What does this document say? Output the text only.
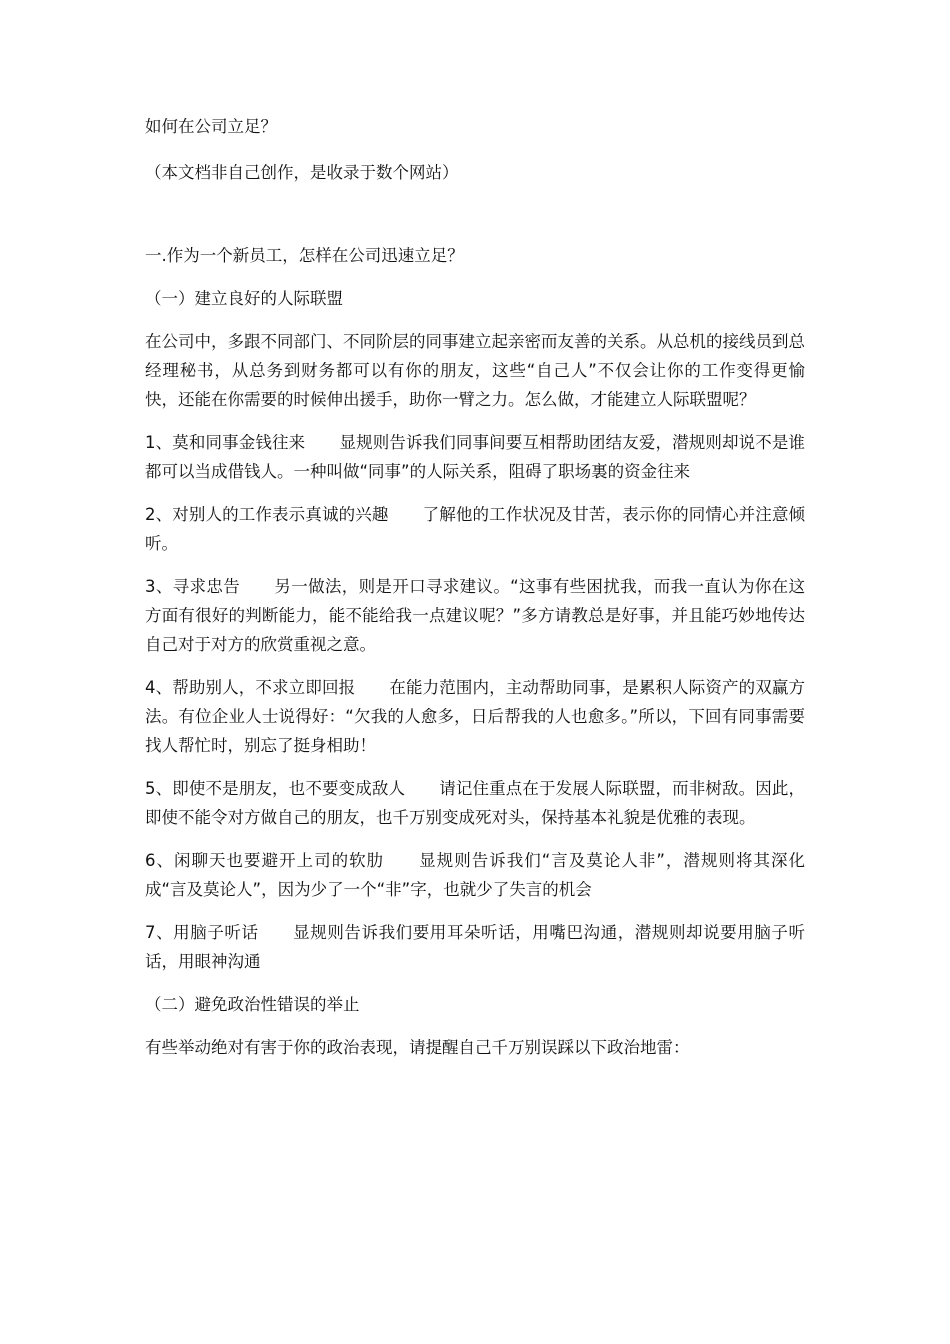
如何在公司立足？

（本文档非自己创作，是收录于数个网站）

一.作为一个新员工，怎样在公司迅速立足？

（一）建立良好的人际联盟

在公司中，多跟不同部门、不同阶层的同事建立起亲密而友善的关系。从总机的接线员到总经理秘书，从总务到财务都可以有你的朋友，这些“自己人”不仅会让你的工作变得更愉快，还能在你需要的时候伸出援手，助你一臂之力。怎么做，才能建立人际联盟呢？

1、莫和同事金钱往来 显规则告诉我们同事间要互相帮助团结友爱，潜规则却说不是谁都可以当成借钱人。一种叫做“同事”的人际关系，阻碍了职场裏的资金往来

2、对别人的工作表示真诚的兴趣 了解他的工作状况及甘苦，表示你的同情心并注意倾听。

3、寻求忠告 另一做法，则是开口寻求建议。“这事有些困扰我，而我一直认为你在这方面有很好的判断能力，能不能给我一点建议呢？”多方请教总是好事，并且能巧妙地传达自己对于对方的欣赏重视之意。

4、帮助别人，不求立即回报 在能力范围内，主动帮助同事，是累积人际资产的双赢方法。有位企业人士说得好：“欠我的人愈多，日后帮我的人也愈多。”所以，下回有同事需要找人帮忙时，别忘了挺身相助！

5、即使不是朋友，也不要变成敌人 请记住重点在于发展人际联盟，而非树敌。因此，即使不能令对方做自己的朋友，也千万别变成死对头，保持基本礼貌是优雅的表现。

6、闲聊天也要避开上司的软肋 显规则告诉我们“言及莫论人非”，潜规则将其深化成“言及莫论人”，因为少了一个“非”字，也就少了失言的机会

7、用脑子听话 显规则告诉我们要用耳朵听话，用嘴巴沟通，潜规则却说要用脑子听话，用眼神沟通

（二）避免政治性错误的举止

有些举动绝对有害于你的政治表现，请提醒自己千万别误踩以下政治地雷：
